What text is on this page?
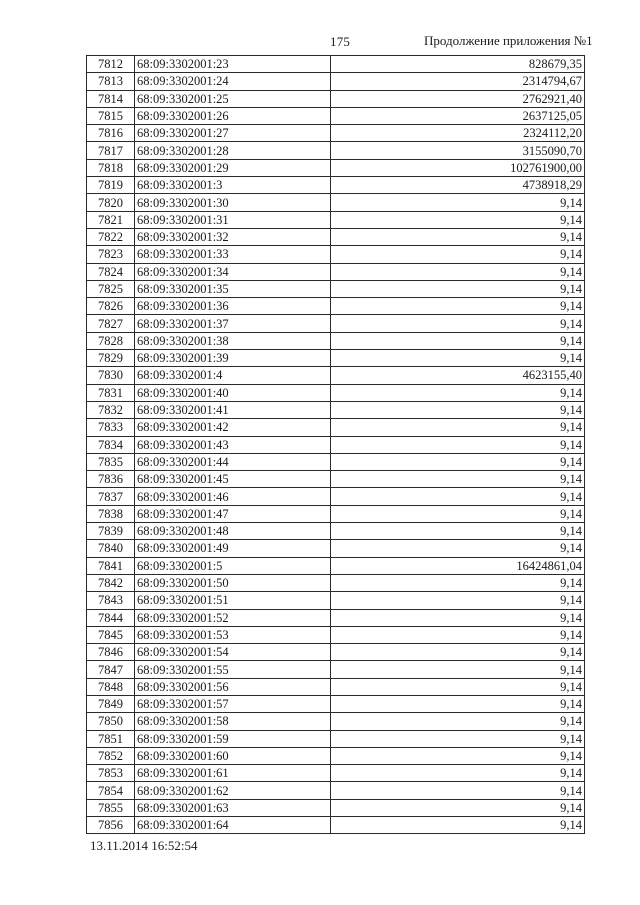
175	Продолжение приложения №1
7812	68:09:3302001:23	828679,35
7813	68:09:3302001:24	2314794,67
7814	68:09:3302001:25	2762921,40
7815	68:09:3302001:26	2637125,05
7816	68:09:3302001:27	2324112,20
7817	68:09:3302001:28	3155090,70
7818	68:09:3302001:29	102761900,00
7819	68:09:3302001:3	4738918,29
7820	68:09:3302001:30	9,14
7821	68:09:3302001:31	9,14
7822	68:09:3302001:32	9,14
7823	68:09:3302001:33	9,14
7824	68:09:3302001:34	9,14
7825	68:09:3302001:35	9,14
7826	68:09:3302001:36	9,14
7827	68:09:3302001:37	9,14
7828	68:09:3302001:38	9,14
7829	68:09:3302001:39	9,14
7830	68:09:3302001:4	4623155,40
7831	68:09:3302001:40	9,14
7832	68:09:3302001:41	9,14
7833	68:09:3302001:42	9,14
7834	68:09:3302001:43	9,14
7835	68:09:3302001:44	9,14
7836	68:09:3302001:45	9,14
7837	68:09:3302001:46	9,14
7838	68:09:3302001:47	9,14
7839	68:09:3302001:48	9,14
7840	68:09:3302001:49	9,14
7841	68:09:3302001:5	16424861,04
7842	68:09:3302001:50	9,14
7843	68:09:3302001:51	9,14
7844	68:09:3302001:52	9,14
7845	68:09:3302001:53	9,14
7846	68:09:3302001:54	9,14
7847	68:09:3302001:55	9,14
7848	68:09:3302001:56	9,14
7849	68:09:3302001:57	9,14
7850	68:09:3302001:58	9,14
7851	68:09:3302001:59	9,14
7852	68:09:3302001:60	9,14
7853	68:09:3302001:61	9,14
7854	68:09:3302001:62	9,14
7855	68:09:3302001:63	9,14
7856	68:09:3302001:64	9,14
13.11.2014 16:52:54
